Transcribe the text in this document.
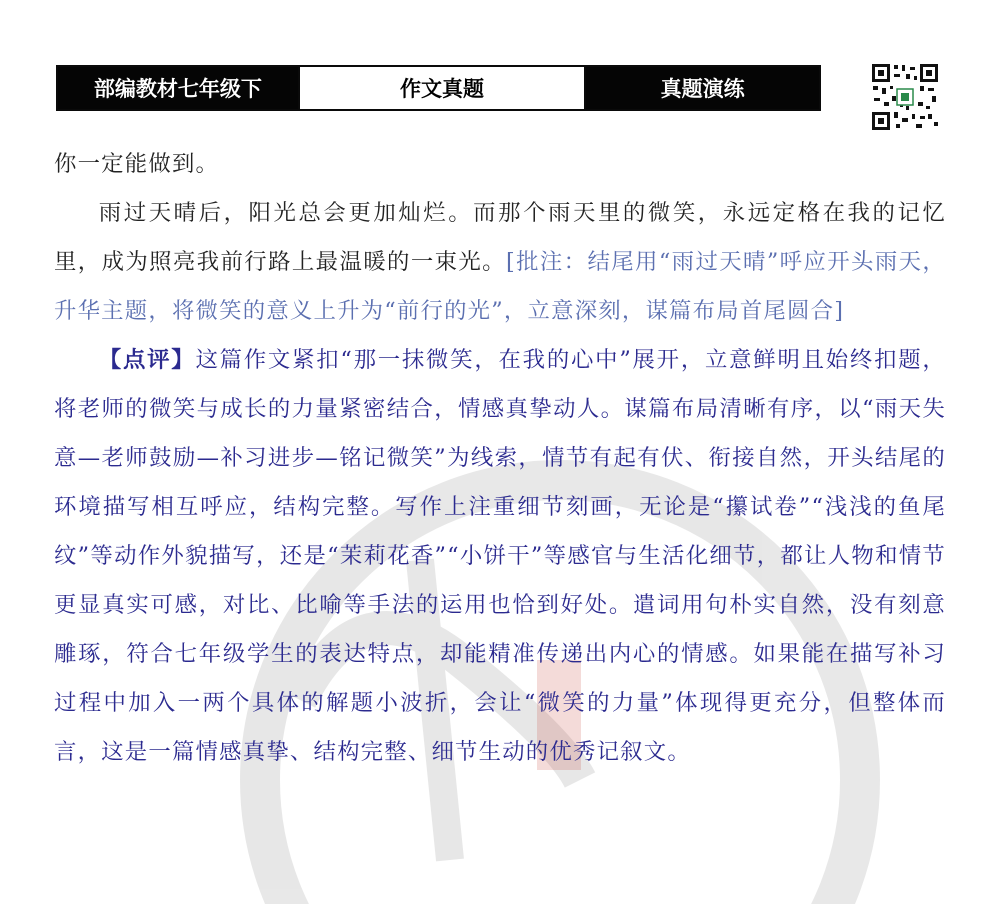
部编教材七年级下	作文真题	真题演练

你一定能做到。

雨过天晴后，阳光总会更加灿烂。而那个雨天里的微笑，永远定格在我的记忆里，成为照亮我前行路上最温暖的一束光。[批注：结尾用“雨过天晴”呼应开头雨天，升华主题，将微笑的意义上升为“前行的光”，立意深刻，谋篇布局首尾圆合]

【点评】这篇作文紧扣“那一抹微笑，在我的心中”展开，立意鲜明且始终扣题，将老师的微笑与成长的力量紧密结合，情感真挚动人。谋篇布局清晰有序，以“雨天失意—老师鼓励—补习进步—铭记微笑”为线索，情节有起有伏、衔接自然，开头结尾的环境描写相互呼应，结构完整。写作上注重细节刻画，无论是“攥试卷”“浅浅的鱼尾纹”等动作外貌描写，还是“茉莉花香”“小饼干”等感官与生活化细节，都让人物和情节更显真实可感，对比、比喻等手法的运用也恰到好处。遣词用句朴实自然，没有刻意雕琢，符合七年级学生的表达特点，却能精准传递出内心的情感。如果能在描写补习过程中加入一两个具体的解题小波折，会让“微笑的力量”体现得更充分，但整体而言，这是一篇情感真挚、结构完整、细节生动的优秀记叙文。
